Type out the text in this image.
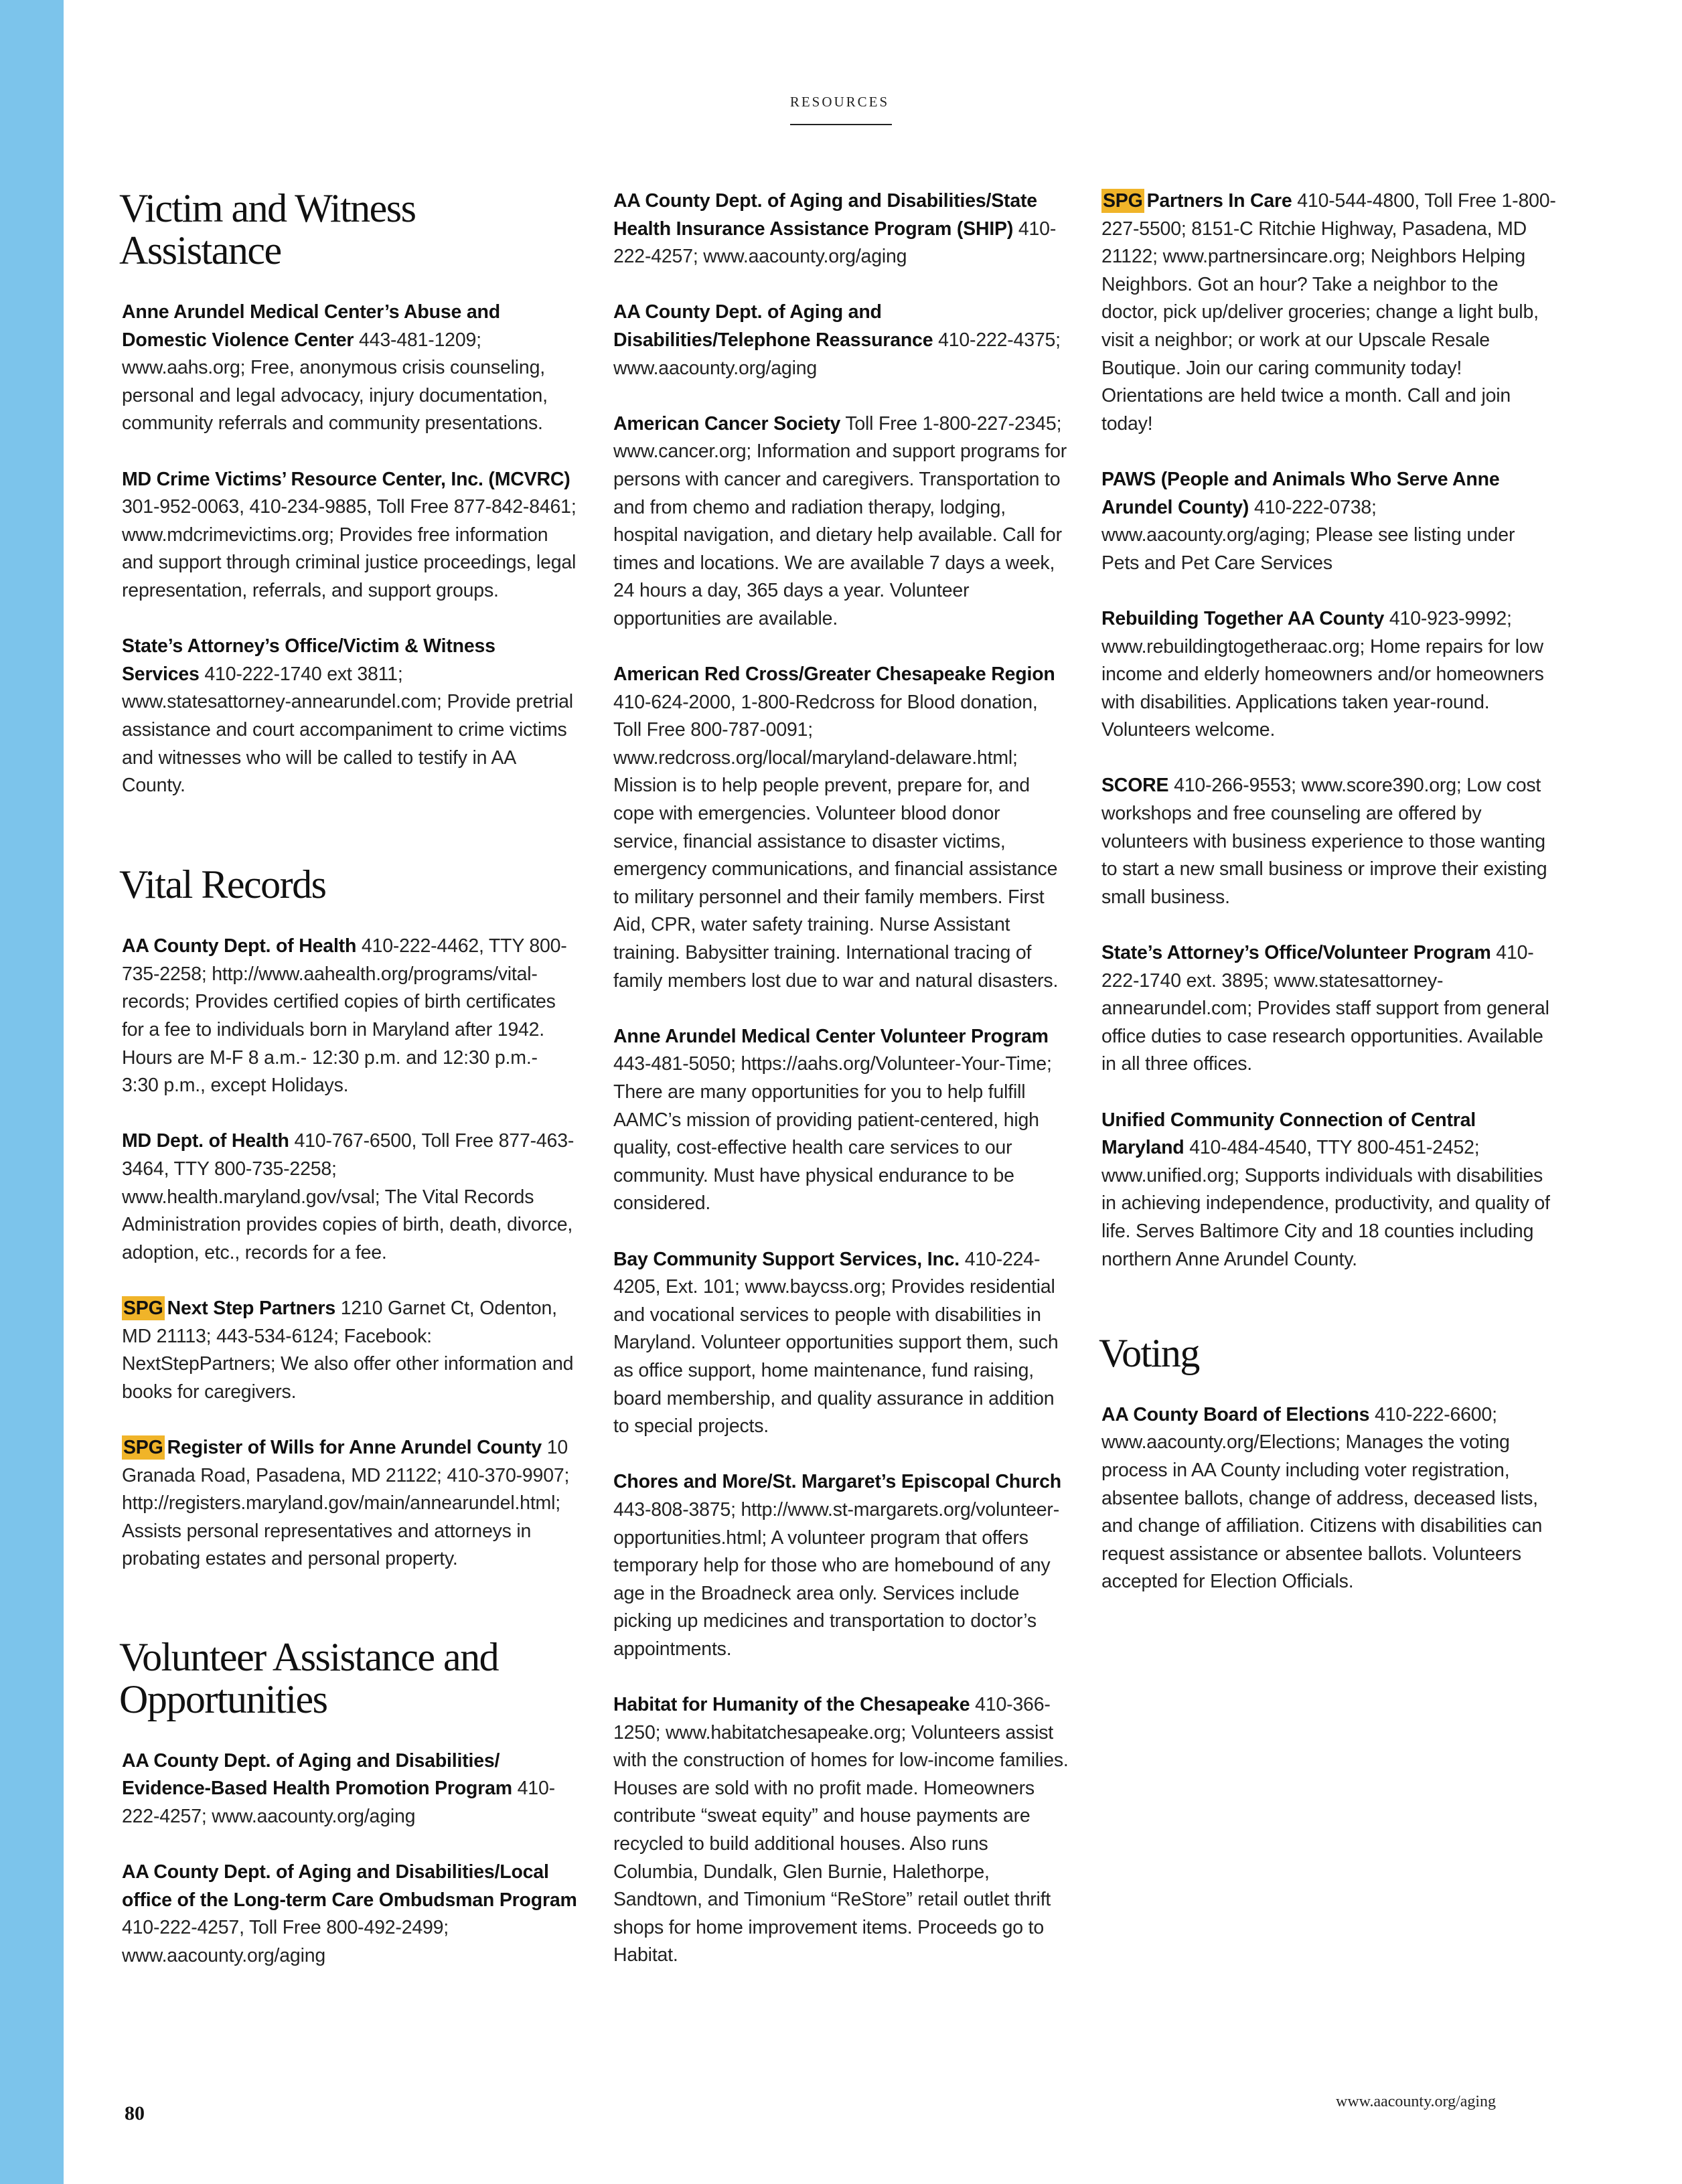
RESOURCES
Victim and Witness
Assistance

Anne Arundel Medical Center’s Abuse and Domestic Violence Center 443-481-1209; www.aahs.org; Free, anonymous crisis counseling, personal and legal advocacy, injury documentation, community referrals and community presentations.

MD Crime Victims’ Resource Center, Inc. (MCVRC) 301-952-0063, 410-234-9885, Toll Free 877-842-8461; www.mdcrimevictims.org; Provides free information and support through criminal justice proceedings, legal representation, referrals, and support groups.

State’s Attorney’s Office/Victim & Witness Services 410-222-1740 ext 3811; www.statesattorney-annearundel.com; Provide pretrial assistance and court accompaniment to crime victims and witnesses who will be called to testify in AA County.

Vital Records

AA County Dept. of Health 410-222-4462, TTY 800-735-2258; http://www.aahealth.org/programs/vital-records; Provides certified copies of birth certificates for a fee to individuals born in Maryland after 1942. Hours are M-F 8 a.m.- 12:30 p.m. and 12:30 p.m.- 3:30 p.m., except Holidays.

MD Dept. of Health 410-767-6500, Toll Free 877-463-3464, TTY 800-735-2258; www.health.maryland.gov/vsal; The Vital Records Administration provides copies of birth, death, divorce, adoption, etc., records for a fee.

SPG Next Step Partners 1210 Garnet Ct, Odenton, MD 21113; 443-534-6124; Facebook: NextStepPartners; We also offer other information and books for caregivers.

SPG Register of Wills for Anne Arundel County 10 Granada Road, Pasadena, MD 21122; 410-370-9907; http://registers.maryland.gov/main/annearundel.html; Assists personal representatives and attorneys in probating estates and personal property.

Volunteer Assistance and
Opportunities

AA County Dept. of Aging and Disabilities/ Evidence-Based Health Promotion Program 410-222-4257; www.aacounty.org/aging

AA County Dept. of Aging and Disabilities/Local office of the Long-term Care Ombudsman Program 410-222-4257, Toll Free 800-492-2499; www.aacounty.org/aging

AA County Dept. of Aging and Disabilities/State Health Insurance Assistance Program (SHIP) 410-222-4257; www.aacounty.org/aging

AA County Dept. of Aging and Disabilities/Telephone Reassurance 410-222-4375; www.aacounty.org/aging

American Cancer Society Toll Free 1-800-227-2345; www.cancer.org; Information and support programs for persons with cancer and caregivers. Transportation to and from chemo and radiation therapy, lodging, hospital navigation, and dietary help available. Call for times and locations. We are available 7 days a week, 24 hours a day, 365 days a year. Volunteer opportunities are available.

American Red Cross/Greater Chesapeake Region 410-624-2000, 1-800-Redcross for Blood donation, Toll Free 800-787-0091; www.redcross.org/local/maryland-delaware.html; Mission is to help people prevent, prepare for, and cope with emergencies. Volunteer blood donor service, financial assistance to disaster victims, emergency communications, and financial assistance to military personnel and their family members. First Aid, CPR, water safety training. Nurse Assistant training. Babysitter training. International tracing of family members lost due to war and natural disasters.

Anne Arundel Medical Center Volunteer Program 443-481-5050; https://aahs.org/Volunteer-Your-Time; There are many opportunities for you to help fulfill AAMC’s mission of providing patient-centered, high quality, cost-effective health care services to our community. Must have physical endurance to be considered.

Bay Community Support Services, Inc. 410-224-4205, Ext. 101; www.baycss.org; Provides residential and vocational services to people with disabilities in Maryland. Volunteer opportunities support them, such as office support, home maintenance, fund raising, board membership, and quality assurance in addition to special projects.

Chores and More/St. Margaret’s Episcopal Church 443-808-3875; http://www.st-margarets.org/volunteer-opportunities.html; A volunteer program that offers temporary help for those who are homebound of any age in the Broadneck area only. Services include picking up medicines and transportation to doctor’s appointments.

Habitat for Humanity of the Chesapeake 410-366-1250; www.habitatchesapeake.org; Volunteers assist with the construction of homes for low-income families. Houses are sold with no profit made. Homeowners contribute “sweat equity” and house payments are recycled to build additional houses. Also runs Columbia, Dundalk, Glen Burnie, Halethorpe, Sandtown, and Timonium “ReStore” retail outlet thrift shops for home improvement items. Proceeds go to Habitat.

SPG Partners In Care 410-544-4800, Toll Free 1-800-227-5500; 8151-C Ritchie Highway, Pasadena, MD 21122; www.partnersincare.org; Neighbors Helping Neighbors. Got an hour? Take a neighbor to the doctor, pick up/deliver groceries; change a light bulb, visit a neighbor; or work at our Upscale Resale Boutique. Join our caring community today! Orientations are held twice a month. Call and join today!

PAWS (People and Animals Who Serve Anne Arundel County) 410-222-0738; www.aacounty.org/aging; Please see listing under Pets and Pet Care Services

Rebuilding Together AA County 410-923-9992; www.rebuildingtogetheraac.org; Home repairs for low income and elderly homeowners and/or homeowners with disabilities. Applications taken year-round. Volunteers welcome.

SCORE 410-266-9553; www.score390.org; Low cost workshops and free counseling are offered by volunteers with business experience to those wanting to start a new small business or improve their existing small business.

State’s Attorney’s Office/Volunteer Program 410-222-1740 ext. 3895; www.statesattorney-annearundel.com; Provides staff support from general office duties to case research opportunities. Available in all three offices.

Unified Community Connection of Central Maryland 410-484-4540, TTY 800-451-2452; www.unified.org; Supports individuals with disabilities in achieving independence, productivity, and quality of life. Serves Baltimore City and 18 counties including northern Anne Arundel County.

Voting

AA County Board of Elections 410-222-6600; www.aacounty.org/Elections; Manages the voting process in AA County including voter registration, absentee ballots, change of address, deceased lists, and change of affiliation. Citizens with disabilities can request assistance or absentee ballots. Volunteers accepted for Election Officials.

80
www.aacounty.org/aging
